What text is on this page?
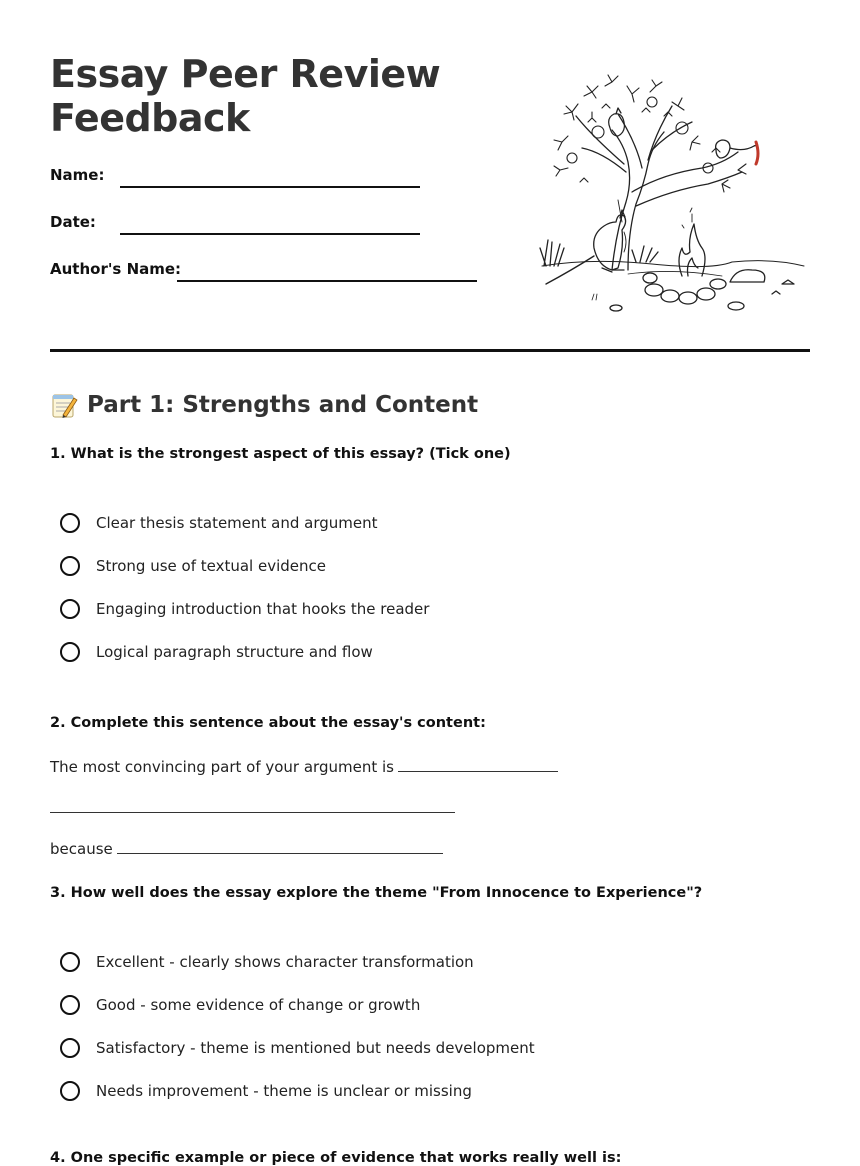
Essay Peer Review
Feedback
Name:
Date:
Author's Name:
Part 1: Strengths and Content
1. What is the strongest aspect of this essay? (Tick one)
Clear thesis statement and argument
Strong use of textual evidence
Engaging introduction that hooks the reader
Logical paragraph structure and flow
2. Complete this sentence about the essay's content:
The most convincing part of your argument is
because
3. How well does the essay explore the theme "From Innocence to Experience"?
Excellent - clearly shows character transformation
Good - some evidence of change or growth
Satisfactory - theme is mentioned but needs development
Needs improvement - theme is unclear or missing
4. One specific example or piece of evidence that works really well is:
